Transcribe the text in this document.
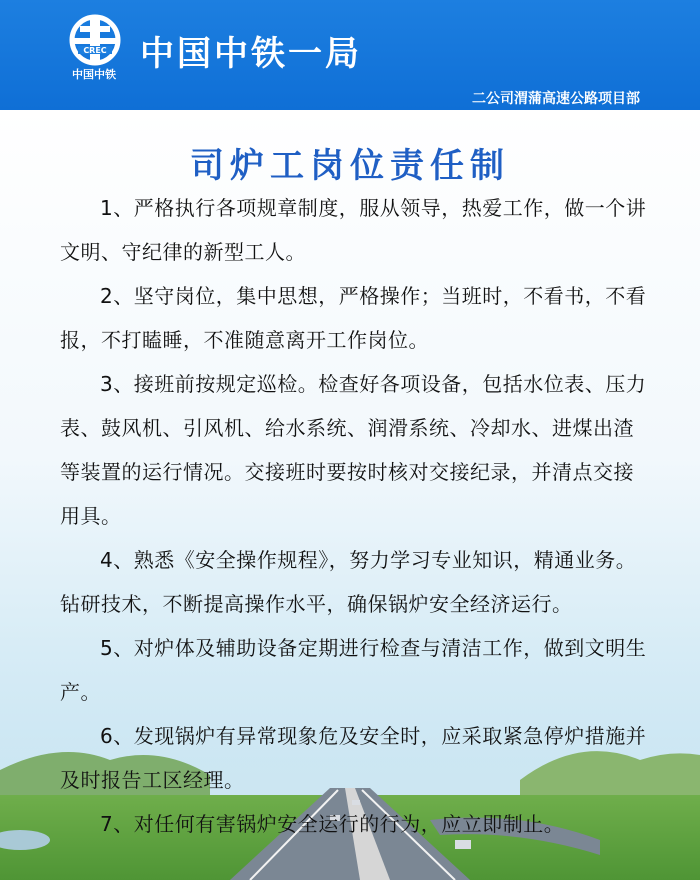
CREC
中国中铁
中国中铁一局
二公司渭蒲高速公路项目部
司炉工岗位责任制

1、严格执行各项规章制度，服从领导，热爱工作，做一个讲文明、守纪律的新型工人。

2、坚守岗位，集中思想，严格操作；当班时，不看书，不看报，不打瞌睡，不准随意离开工作岗位。

3、接班前按规定巡检。检查好各项设备，包括水位表、压力表、鼓风机、引风机、给水系统、润滑系统、冷却水、进煤出渣等装置的运行情况。交接班时要按时核对交接纪录，并清点交接用具。

4、熟悉《安全操作规程》，努力学习专业知识，精通业务。钻研技术，不断提高操作水平，确保锅炉安全经济运行。

5、对炉体及辅助设备定期进行检查与清洁工作，做到文明生产。

6、发现锅炉有异常现象危及安全时，应采取紧急停炉措施并及时报告工区经理。

7、对任何有害锅炉安全运行的行为，应立即制止。
